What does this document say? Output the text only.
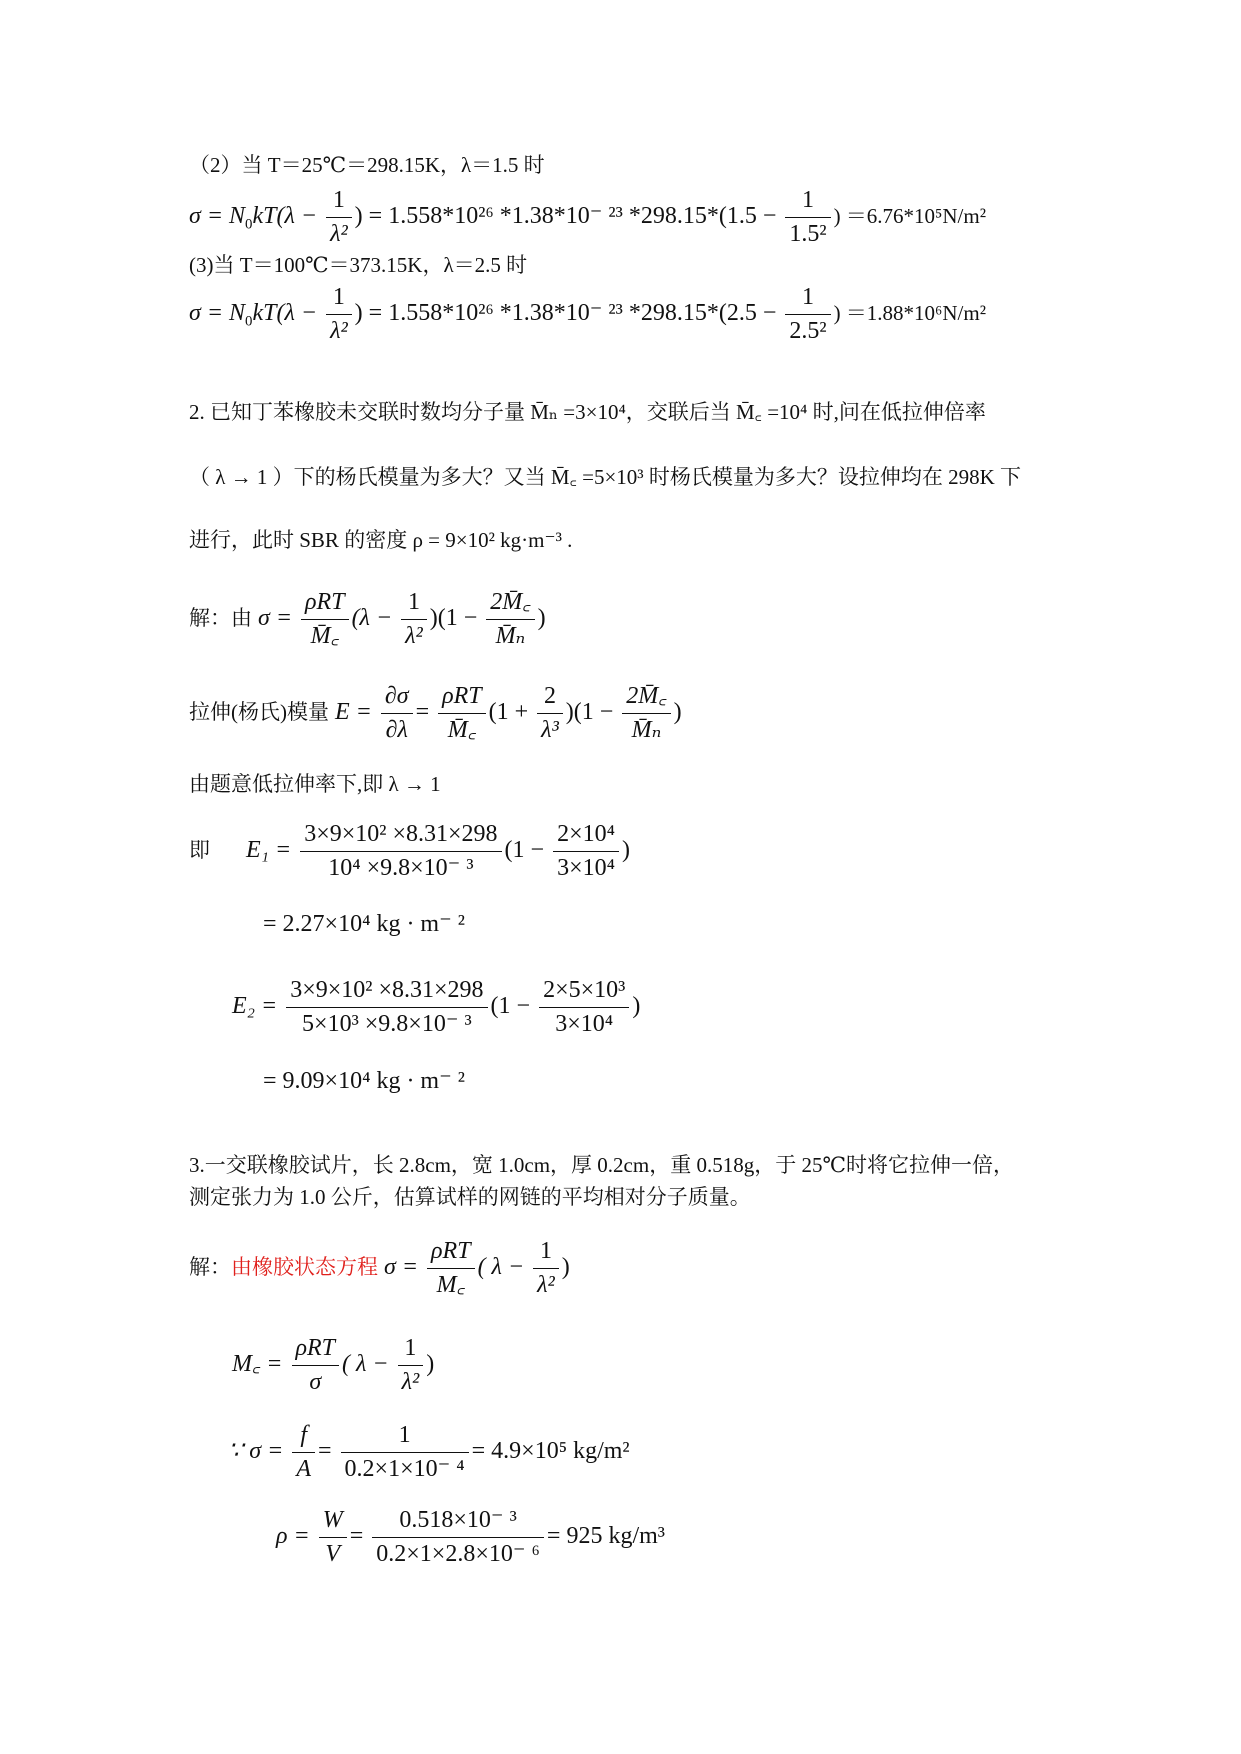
（2）当 T＝25℃＝298.15K，λ＝1.5 时
$\sigma = N_0kT(\lambda - \frac{1}{\text{λ²}}$ ) = 1.558*10²⁶ *1.38*10⁻ ²³ $*298.15*(1.5 - \frac{1}{\text{1.5²}}$ ) ＝6.76*10⁵N/m²
(3)当 T＝100℃＝373.15K，λ＝2.5 时
$\sigma = N_0kT(\lambda - \frac{1}{\text{λ²}}$ ) = 1.558*10²⁶ *1.38*10⁻ ²³ $*298.15*(2.5 - \frac{1}{\text{2.5²}}$ ) ＝1.88*10⁶N/m²
2. 已知丁苯橡胶未交联时数均分子量 M̄ₙ =3×10⁴，交联后当 M̄꜀ =10⁴ 时,问在低拉伸倍率
（ λ → 1 ）下的杨氏模量为多大？又当 M̄꜀ =5×10³ 时杨氏模量为多大？设拉伸均在 298K 下
进行，此时 SBR 的密度 ρ = 9×10² kg·m⁻³ .
解：由 $\sigma = \frac{\text{ρRT}}{M̄꜀} (\lambda - \frac{1}{\text{λ²}} )(1 - \frac{2M̄꜀}{\text{M̄ₙ}}$ )
拉伸(杨氏)模量 $E = \frac{\partial\sigma}{\partial\lambda} = \frac{\text{ρRT}}{M̄꜀} (1 + \frac{2}{\text{λ³}} )(1 - \frac{2M̄꜀}{\text{M̄ₙ}}$ )
由题意低拉伸率下,即 λ → 1
即 $E_1 = \frac{\text{3×9×10² ×8.31×298}}{\text{10⁴ ×9.8×10⁻ ³}} (1 - \frac{\text{2×10⁴}}{\text{3×10⁴}}$ )
= 2.27×10⁴ kg · m⁻ ²
$E_2 = \frac{\text{3×9×10² ×8.31×298}}{\text{5×10³ ×9.8×10⁻ ³}} (1 - \frac{\text{2×5×10³}}{\text{3×10⁴}}$ )
= 9.09×10⁴ kg · m⁻ ²
3.一交联橡胶试片，长 2.8cm，宽 1.0cm，厚 0.2cm，重 0.518g，于 25℃时将它拉伸一倍，
测定张力为 1.0 公斤，估算试样的网链的平均相对分子质量。
解：由橡胶状态方程 $\sigma = \frac{\text{ρRT}}{M꜀}$ ( $\lambda - \frac{1}{\text{λ²}}$ )
M꜀ = $\frac{\text{ρRT}}{\sigma}$ ( $\lambda - \frac{1}{\text{λ²}}$ )
∵ $\sigma = \frac{f}{A} = \frac{1}{\text{0.2×1×10⁻ ⁴}} = 4.9\times 10^5$ kg/m²
$\rho = \frac{W}{V} = \frac{\text{0.518×10⁻ ³}}{\text{0.2×1×2.8×10⁻ ⁶}} = 925$ kg/m³
